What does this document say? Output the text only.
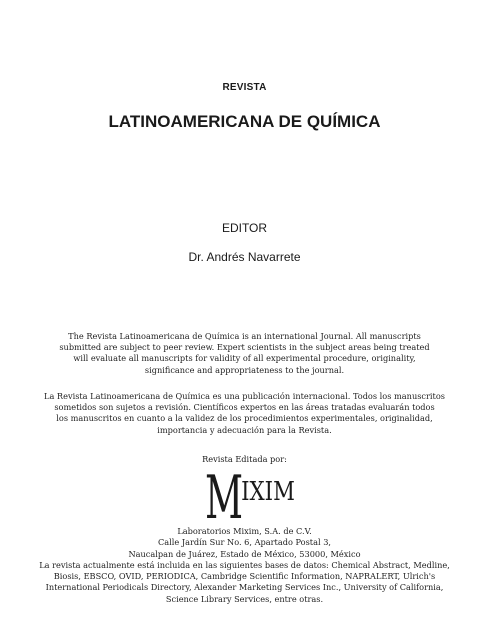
REVISTA
LATINOAMERICANA DE QUÍMICA
EDITOR
Dr. Andrés Navarrete
The Revista Latinoamericana de Química is an international Journal. All manuscripts
submitted are subject to peer review. Expert scientists in the subject areas being treated
will evaluate all manuscripts for validity of all experimental procedure, originality,
significance and appropriateness to the journal.
La Revista Latinoamericana de Química es una publicación internacional. Todos los manuscritos
sometidos son sujetos a revisión. Científicos expertos en las áreas tratadas evaluarán todos
los manuscritos en cuanto a la validez de los procedimientos experimentales, originalidad,
importancia y adecuación para la Revista.
Revista Editada por:
M
IXIM
Laboratorios Mixim, S.A. de C.V.
Calle Jardín Sur No. 6, Apartado Postal 3,
Naucalpan de Juárez, Estado de México, 53000, México
La revista actualmente está incluida en las siguientes bases de datos: Chemical Abstract, Medline,
Biosis, EBSCO, OVID, PERIODICA, Cambridge Scientific Information, NAPRALERT, Ulrich's
International Periodicals Directory, Alexander Marketing Services Inc., University of California,
Science Library Services, entre otras.
